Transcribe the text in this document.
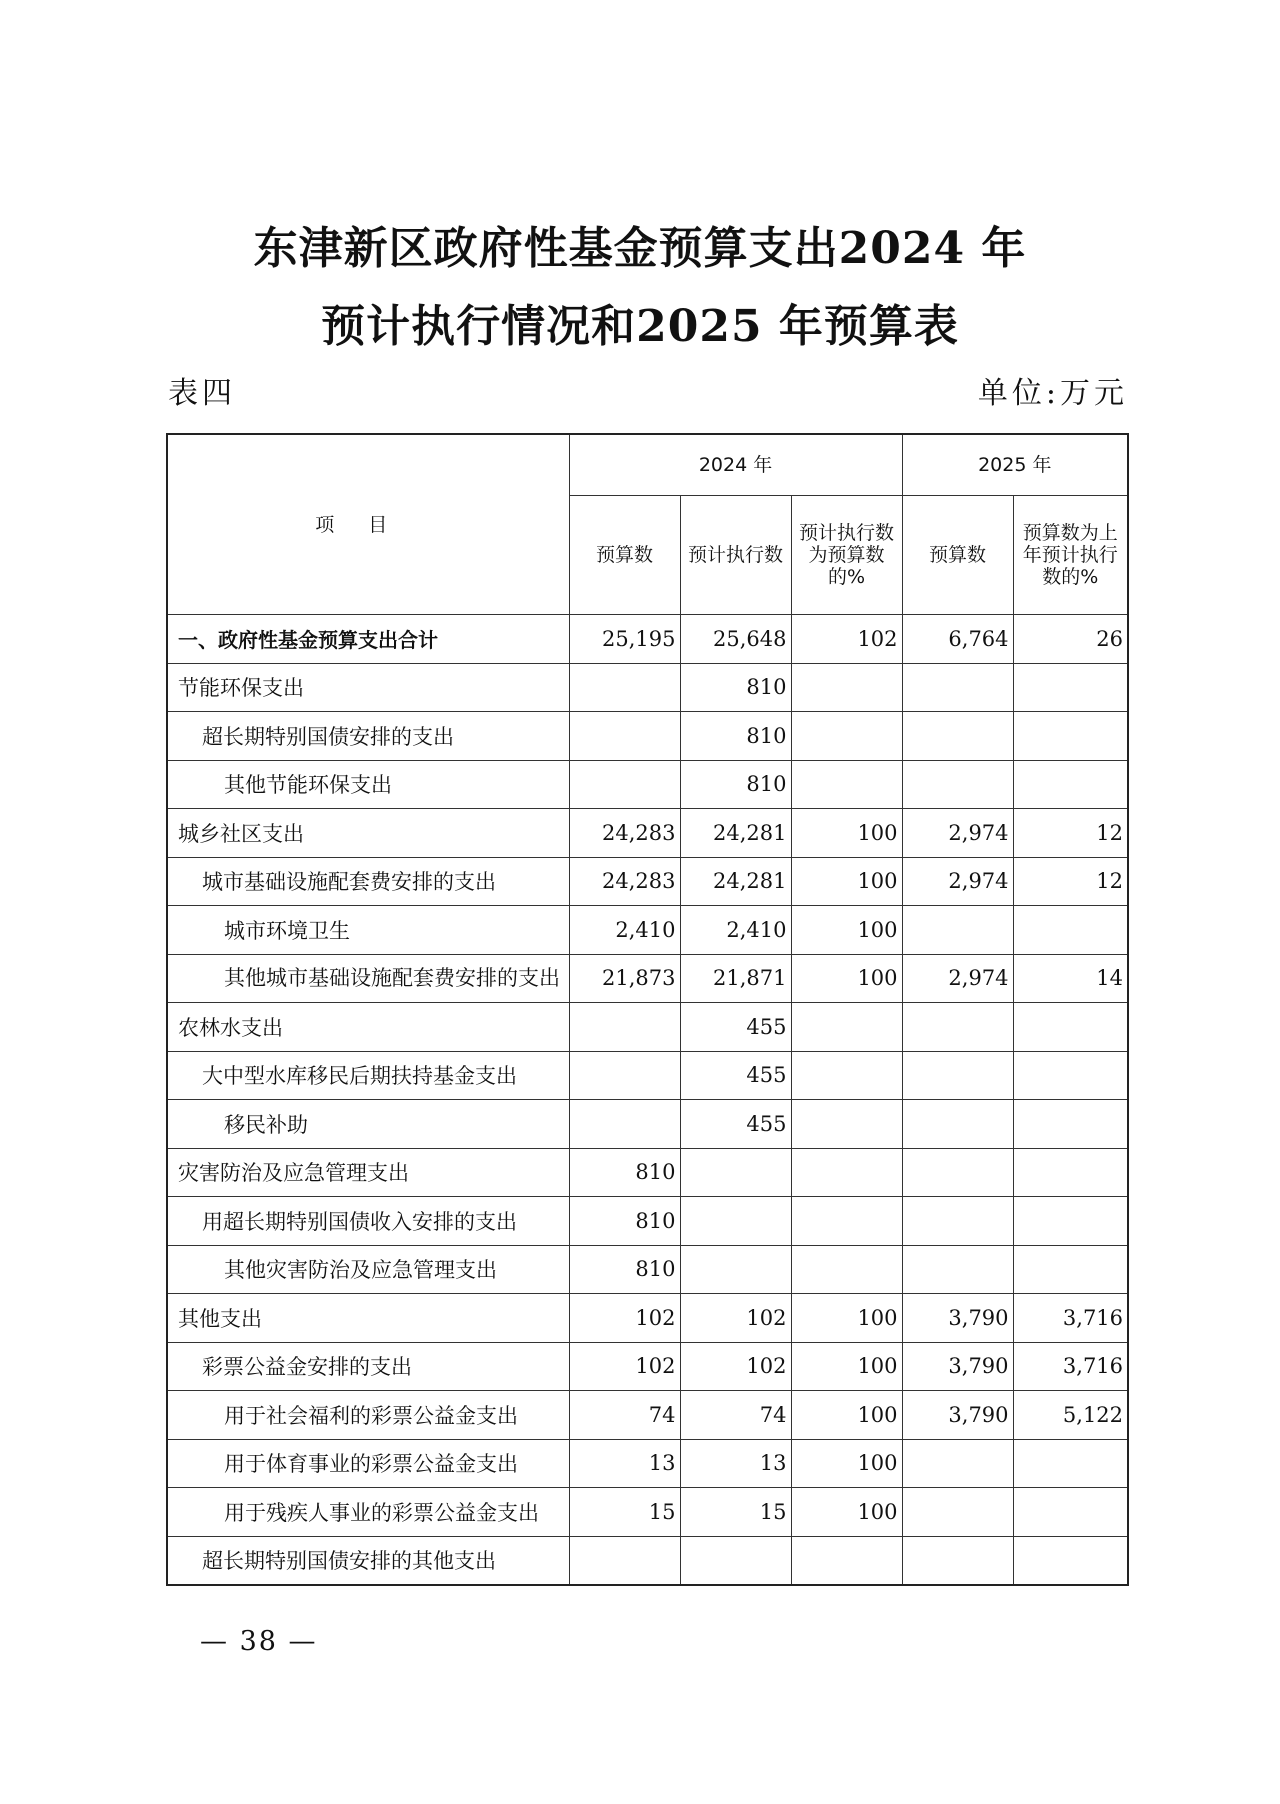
东津新区政府性基金预算支出2024 年
预计执行情况和2025 年预算表
表四	单位:万元
项目	2024 年			2025 年	
	预算数	预计执行数	预计执行数为预算数的%	预算数	预算数为上年预计执行数的%
一、政府性基金预算支出合计	25,195	25,648	102	6,764	26
节能环保支出		810			
超长期特别国债安排的支出		810			
其他节能环保支出		810			
城乡社区支出	24,283	24,281	100	2,974	12
城市基础设施配套费安排的支出	24,283	24,281	100	2,974	12
城市环境卫生	2,410	2,410	100		
其他城市基础设施配套费安排的支出	21,873	21,871	100	2,974	14
农林水支出		455			
大中型水库移民后期扶持基金支出		455			
移民补助		455			
灾害防治及应急管理支出	810				
用超长期特别国债收入安排的支出	810				
其他灾害防治及应急管理支出	810				
其他支出	102	102	100	3,790	3,716
彩票公益金安排的支出	102	102	100	3,790	3,716
用于社会福利的彩票公益金支出	74	74	100	3,790	5,122
用于体育事业的彩票公益金支出	13	13	100		
用于残疾人事业的彩票公益金支出	15	15	100		
超长期特别国债安排的其他支出					
— 38 —
